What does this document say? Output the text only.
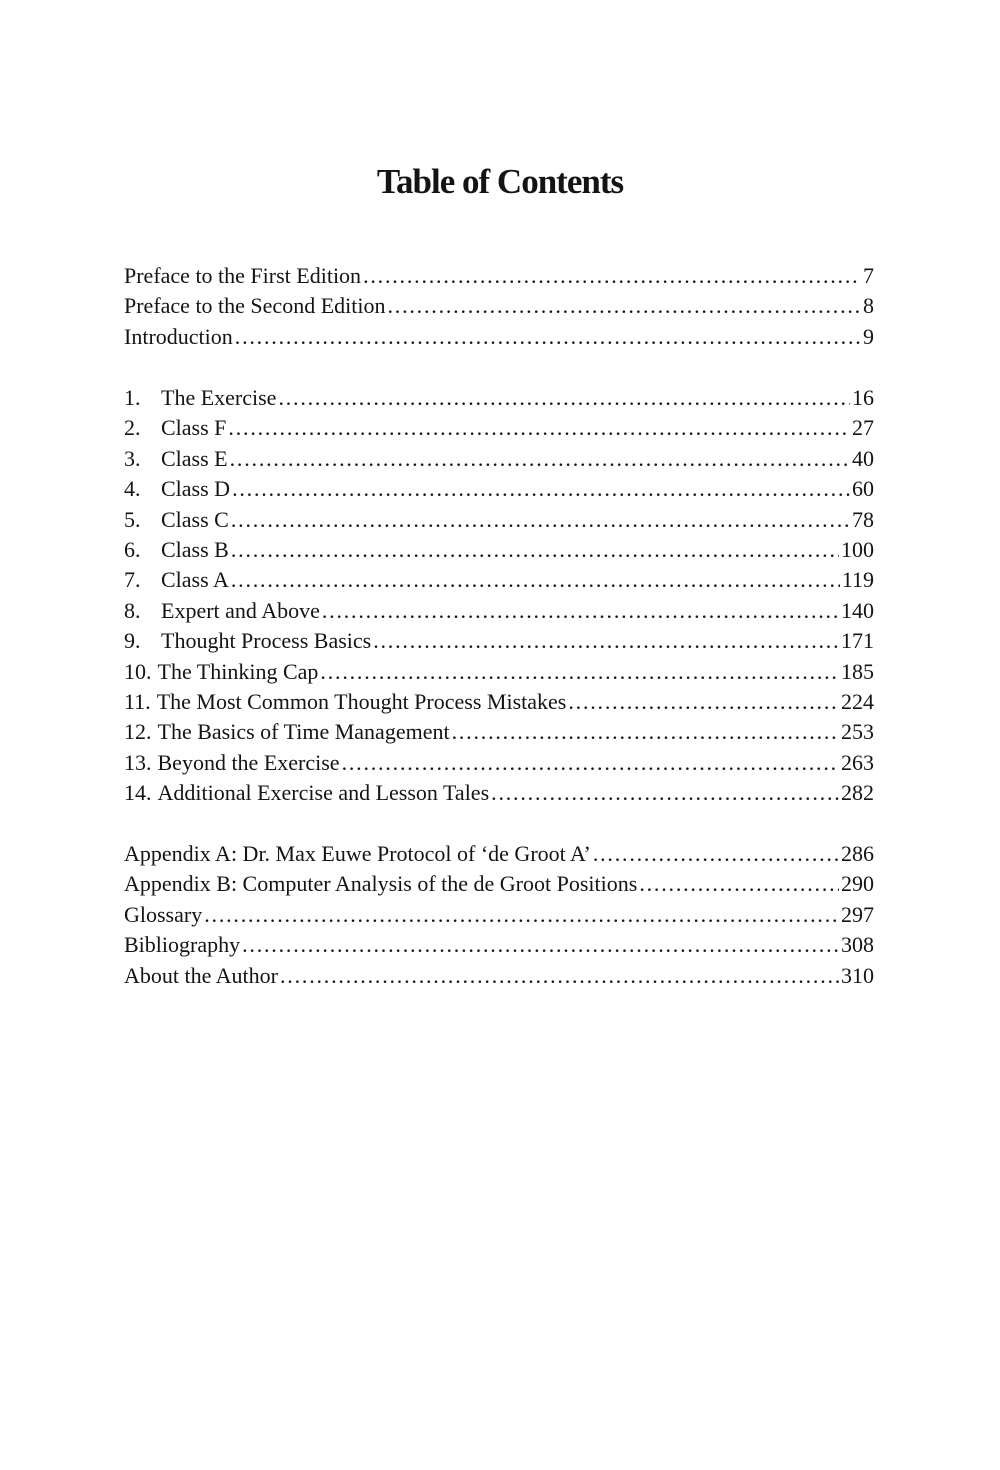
Table of Contents
Preface to the First Edition .....	7
Preface to the Second Edition .....	8
Introduction .....	9
1. The Exercise .....	16
2. Class F .....	27
3. Class E .....	40
4. Class D .....	60
5. Class C .....	78
6. Class B .....	100
7. Class A .....	119
8. Expert and Above .....	140
9. Thought Process Basics .....	171
10. The Thinking Cap .....	185
11. The Most Common Thought Process Mistakes .....	224
12. The Basics of Time Management .....	253
13. Beyond the Exercise .....	263
14. Additional Exercise and Lesson Tales .....	282
Appendix A: Dr. Max Euwe Protocol of ‘de Groot A’ .....	286
Appendix B: Computer Analysis of the de Groot Positions .....	290
Glossary .....	297
Bibliography .....	308
About the Author .....	310
